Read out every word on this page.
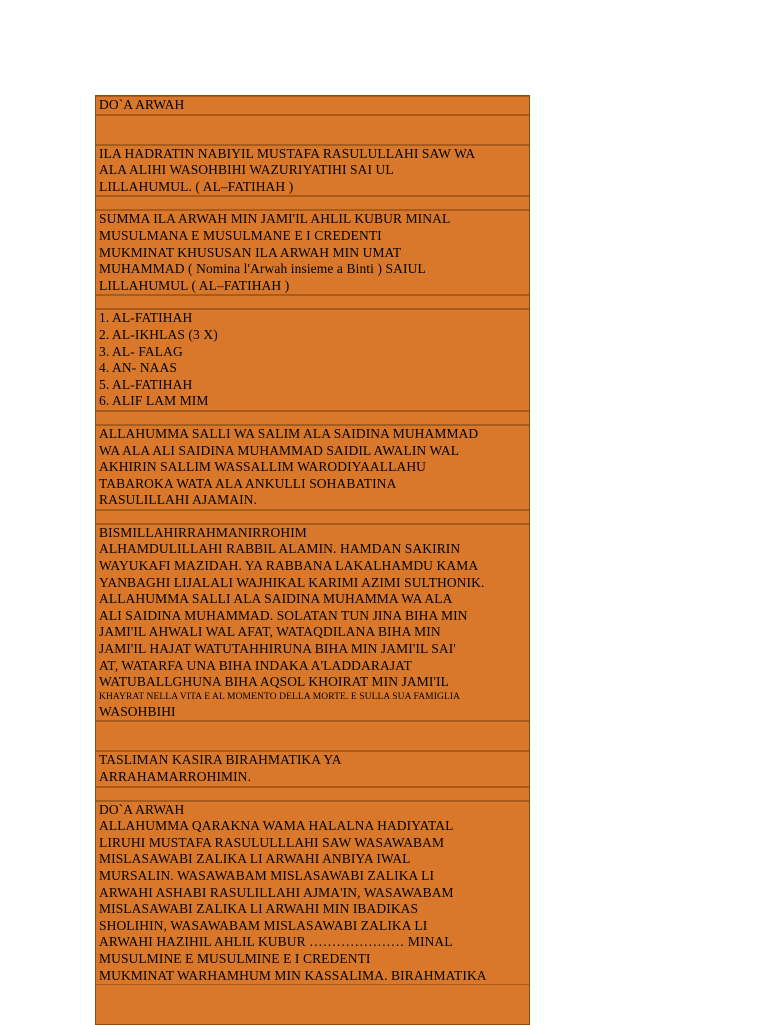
DO`A ARWAH
ILA HADRATIN NABIYIL MUSTAFA RASULULLAHI SAW WA
ALA ALIHI WASOHBIHI WAZURIYATIHI SAI UL
LILLAHUMUL. ( AL–FATIHAH )
SUMMA ILA ARWAH MIN JAMI'IL AHLIL KUBUR MINAL
MUSULMANA E MUSULMANE E I CREDENTI
MUKMINAT KHUSUSAN ILA ARWAH MIN UMAT
MUHAMMAD ( Nomina l'Arwah insieme a Binti ) SAIUL
LILLAHUMUL ( AL–FATIHAH )
1. AL-FATIHAH
2. AL-IKHLAS (3 X)
3. AL- FALAG
4. AN- NAAS
5. AL-FATIHAH
6. ALIF LAM MIM
ALLAHUMMA SALLI WA SALIM ALA SAIDINA MUHAMMAD
WA ALA ALI SAIDINA MUHAMMAD SAIDIL AWALIN WAL
AKHIRIN SALLIM WASSALLIM WARODIYAALLAHU
TABAROKA WATA ALA ANKULLI SOHABATINA
RASULILLAHI AJAMAIN.
BISMILLAHIRRAHMANIRROHIM
ALHAMDULILLAHI RABBIL ALAMIN. HAMDAN SAKIRIN
WAYUKAFI MAZIDAH. YA RABBANA LAKALHAMDU KAMA
YANBAGHI LIJALALI WAJHIKAL KARIMI AZIMI SULTHONIK.
ALLAHUMMA SALLI ALA SAIDINA MUHAMMA WA ALA
ALI SAIDINA MUHAMMAD. SOLATAN TUN JINA BIHA MIN
JAMI'IL AHWALI WAL AFAT, WATAQDILANA BIHA MIN
JAMI'IL HAJAT WATUTAHHIRUNA BIHA MIN JAMI'IL SAI'
AT, WATARFA UNA BIHA INDAKA A'LADDARAJAT
WATUBALLGHUNA BIHA AQSOL KHOIRAT MIN JAMI'IL
KHAYRAT NELLA VITA E AL MOMENTO DELLA MORTE. E SULLA SUA FAMIGLIA
WASOHBIHI
TASLIMAN KASIRA BIRAHMATIKA YA
ARRAHAMARROHIMIN.
DO`A ARWAH
ALLAHUMMA QARAKNA WAMA HALALNA HADIYATAL
LIRUHI MUSTAFA RASULULLLAHI SAW WASAWABAM
MISLASAWABI ZALIKA LI ARWAHI ANBIYA IWAL
MURSALIN. WASAWABAM MISLASAWABI ZALIKA LI
ARWAHI ASHABI RASULILLAHI AJMA'IN, WASAWABAM
MISLASAWABI ZALIKA LI ARWAHI MIN IBADIKAS
SHOLIHIN, WASAWABAM MISLASAWABI ZALIKA LI
ARWAHI HAZIHIL AHLIL KUBUR ………………… MINAL
MUSULMINE E MUSULMINE E I CREDENTI
MUKMINAT WARHAMHUM MIN KASSALIMA. BIRAHMATIKA
